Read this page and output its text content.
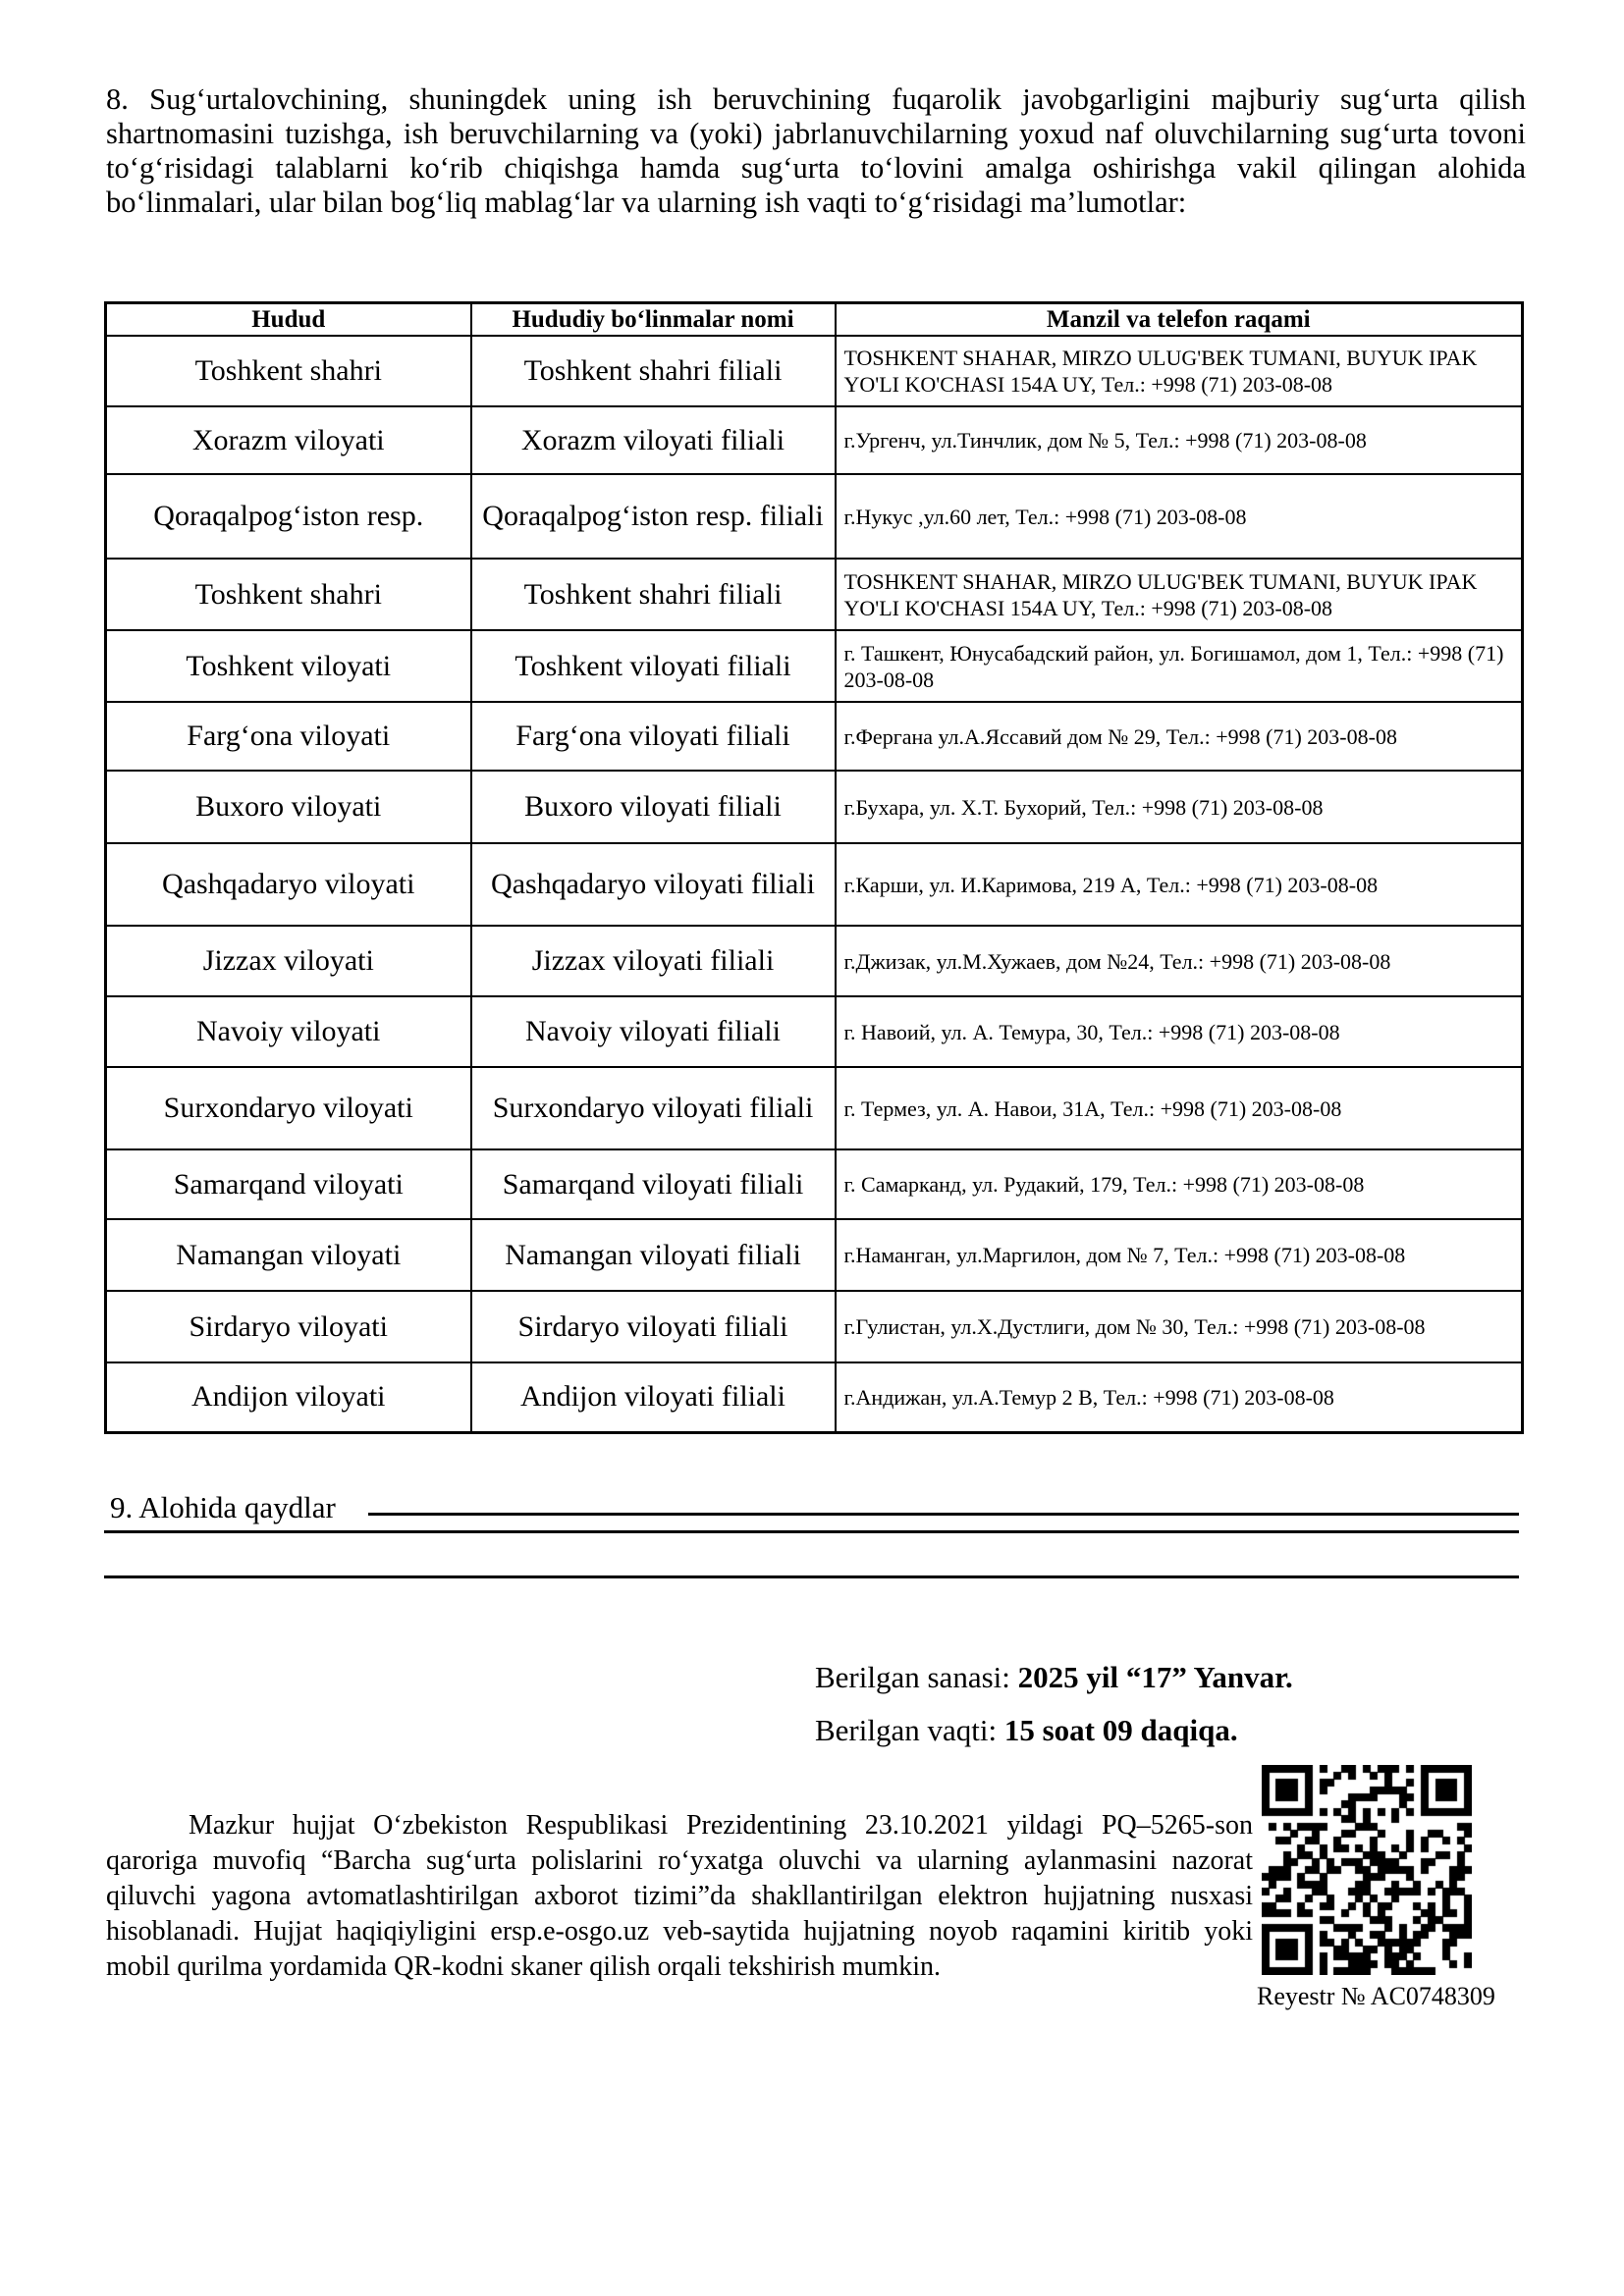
8. Sug‘urtalovchining, shuningdek uning ish beruvchining fuqarolik javobgarligini majburiy sug‘urta qilish shartnomasini tuzishga, ish beruvchilarning va (yoki) jabrlanuvchilarning yoxud naf oluvchilarning sug‘urta tovoni to‘g‘risidagi talablarni ko‘rib chiqishga hamda sug‘urta to‘lovini amalga oshirishga vakil qilingan alohida bo‘linmalari, ular bilan bog‘liq mablag‘lar va ularning ish vaqti to‘g‘risidagi ma’lumotlar:
Hudud	Hududiy bo‘linmalar nomi	Manzil va telefon raqami
Toshkent shahri	Toshkent shahri filiali	TOSHKENT SHAHAR, MIRZO ULUG'BEK TUMANI, BUYUK IPAK YO'LI KO'CHASI 154A UY, Тел.: +998 (71) 203-08-08
Xorazm viloyati	Xorazm viloyati filiali	г.Ургенч, ул.Тинчлик, дом № 5, Тел.: +998 (71) 203-08-08
Qoraqalpog‘iston resp.	Qoraqalpog‘iston resp. filiali	г.Нукус ,ул.60 лет, Тел.: +998 (71) 203-08-08
Toshkent shahri	Toshkent shahri filiali	TOSHKENT SHAHAR, MIRZO ULUG'BEK TUMANI, BUYUK IPAK YO'LI KO'CHASI 154A UY, Тел.: +998 (71) 203-08-08
Toshkent viloyati	Toshkent viloyati filiali	г. Ташкент, Юнусабадский район, ул. Богишамол, дом 1, Тел.: +998 (71) 203-08-08
Farg‘ona viloyati	Farg‘ona viloyati filiali	г.Фергана ул.А.Яссавий дом № 29, Тел.: +998 (71) 203-08-08
Buxoro viloyati	Buxoro viloyati filiali	г.Бухара, ул. Х.Т. Бухорий, Тел.: +998 (71) 203-08-08
Qashqadaryo viloyati	Qashqadaryo viloyati filiali	г.Карши, ул. И.Каримова, 219 А, Тел.: +998 (71) 203-08-08
Jizzax viloyati	Jizzax viloyati filiali	г.Джизак, ул.М.Хужаев, дом №24, Тел.: +998 (71) 203-08-08
Navoiy viloyati	Navoiy viloyati filiali	г. Навоий, ул. А. Темура, 30, Тел.: +998 (71) 203-08-08
Surxondaryo viloyati	Surxondaryo viloyati filiali	г. Термез, ул. А. Навои, 31А, Тел.: +998 (71) 203-08-08
Samarqand viloyati	Samarqand viloyati filiali	г. Самарканд, ул. Рудакий, 179, Тел.: +998 (71) 203-08-08
Namangan viloyati	Namangan viloyati filiali	г.Наманган, ул.Маргилон, дом № 7, Тел.: +998 (71) 203-08-08
Sirdaryo viloyati	Sirdaryo viloyati filiali	г.Гулистан, ул.Х.Дустлиги, дом № 30, Тел.: +998 (71) 203-08-08
Andijon viloyati	Andijon viloyati filiali	г.Андижан, ул.А.Темур 2 В, Тел.: +998 (71) 203-08-08
9. Alohida qaydlar
Berilgan sanasi: 2025 yil “17” Yanvar.
Berilgan vaqti: 15 soat 09 daqiqa.
Mazkur hujjat O‘zbekiston Respublikasi Prezidentining 23.10.2021 yildagi PQ–5265-son qaroriga muvofiq “Barcha sug‘urta polislarini ro‘yxatga oluvchi va ularning aylanmasini nazorat qiluvchi yagona avtomatlashtirilgan axborot tizimi”da shakllantirilgan elektron hujjatning nusxasi hisoblanadi. Hujjat haqiqiyligini ersp.e-osgo.uz veb-saytida hujjatning noyob raqamini kiritib yoki mobil qurilma yordamida QR-kodni skaner qilish orqali tekshirish mumkin.
Reyestr № AC0748309
